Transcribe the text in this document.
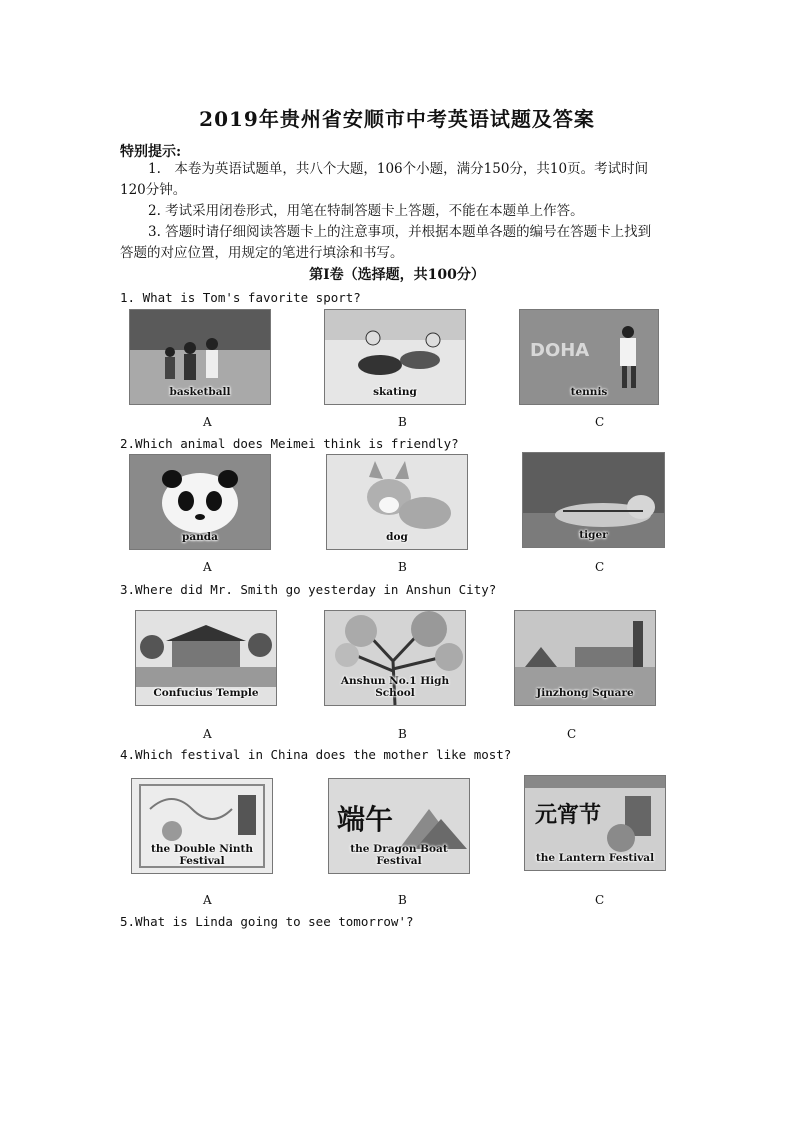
2019年贵州省安顺市中考英语试题及答案
特别提示:
1.　本卷为英语试题单，共八个大题，106个小题，满分150分，共10页。考试时间
120分钟。
2. 考试采用闭卷形式，用笔在特制答题卡上答题，不能在本题单上作答。
3. 答题时请仔细阅读答题卡上的注意事项，并根据本题单各题的编号在答题卡上找到
答题的对应位置，用规定的笔进行填涂和书写。
第Ⅰ卷（选择题，共100分）
1. What is Tom's favorite sport?
basketball	skating
DOHA
tennis
A	B	C
2.Which animal does Meimei think is friendly?
panda	dog	tiger
A	B	C
3.Where did Mr. Smith go yesterday in Anshun City?
Confucius Temple
Anshun No.1 High School	Jinzhong Square
A	B	C
4.Which festival in China does the mother like most?
the Double Ninth Festival
端午
the Dragon Boat Festival
元宵节
the Lantern Festival
A	B	C
5.What is Linda going to see tomorrow'?
